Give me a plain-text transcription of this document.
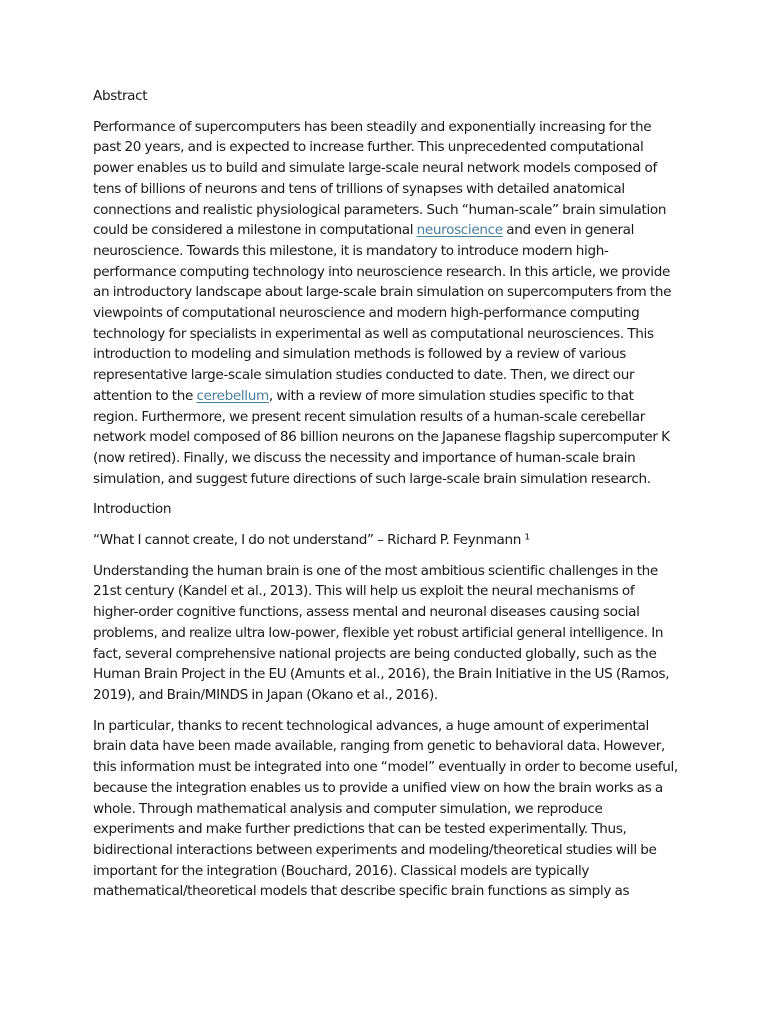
Abstract
Performance of supercomputers has been steadily and exponentially increasing for the past 20 years, and is expected to increase further. This unprecedented computational power enables us to build and simulate large-scale neural network models composed of tens of billions of neurons and tens of trillions of synapses with detailed anatomical connections and realistic physiological parameters. Such “human-scale” brain simulation could be considered a milestone in computational neuroscience and even in general neuroscience. Towards this milestone, it is mandatory to introduce modern high-performance computing technology into neuroscience research. In this article, we provide an introductory landscape about large-scale brain simulation on supercomputers from the viewpoints of computational neuroscience and modern high-performance computing technology for specialists in experimental as well as computational neurosciences. This introduction to modeling and simulation methods is followed by a review of various representative large-scale simulation studies conducted to date. Then, we direct our attention to the cerebellum, with a review of more simulation studies specific to that region. Furthermore, we present recent simulation results of a human-scale cerebellar network model composed of 86 billion neurons on the Japanese flagship supercomputer K (now retired). Finally, we discuss the necessity and importance of human-scale brain simulation, and suggest future directions of such large-scale brain simulation research.
Introduction
“What I cannot create, I do not understand” – Richard P. Feynmann ¹
Understanding the human brain is one of the most ambitious scientific challenges in the 21st century (Kandel et al., 2013). This will help us exploit the neural mechanisms of higher-order cognitive functions, assess mental and neuronal diseases causing social problems, and realize ultra low-power, flexible yet robust artificial general intelligence. In fact, several comprehensive national projects are being conducted globally, such as the Human Brain Project in the EU (Amunts et al., 2016), the Brain Initiative in the US (Ramos, 2019), and Brain/MINDS in Japan (Okano et al., 2016).
In particular, thanks to recent technological advances, a huge amount of experimental brain data have been made available, ranging from genetic to behavioral data. However, this information must be integrated into one “model” eventually in order to become useful, because the integration enables us to provide a unified view on how the brain works as a whole. Through mathematical analysis and computer simulation, we reproduce experiments and make further predictions that can be tested experimentally. Thus, bidirectional interactions between experiments and modeling/theoretical studies will be important for the integration (Bouchard, 2016). Classical models are typically mathematical/theoretical models that describe specific brain functions as simply as
